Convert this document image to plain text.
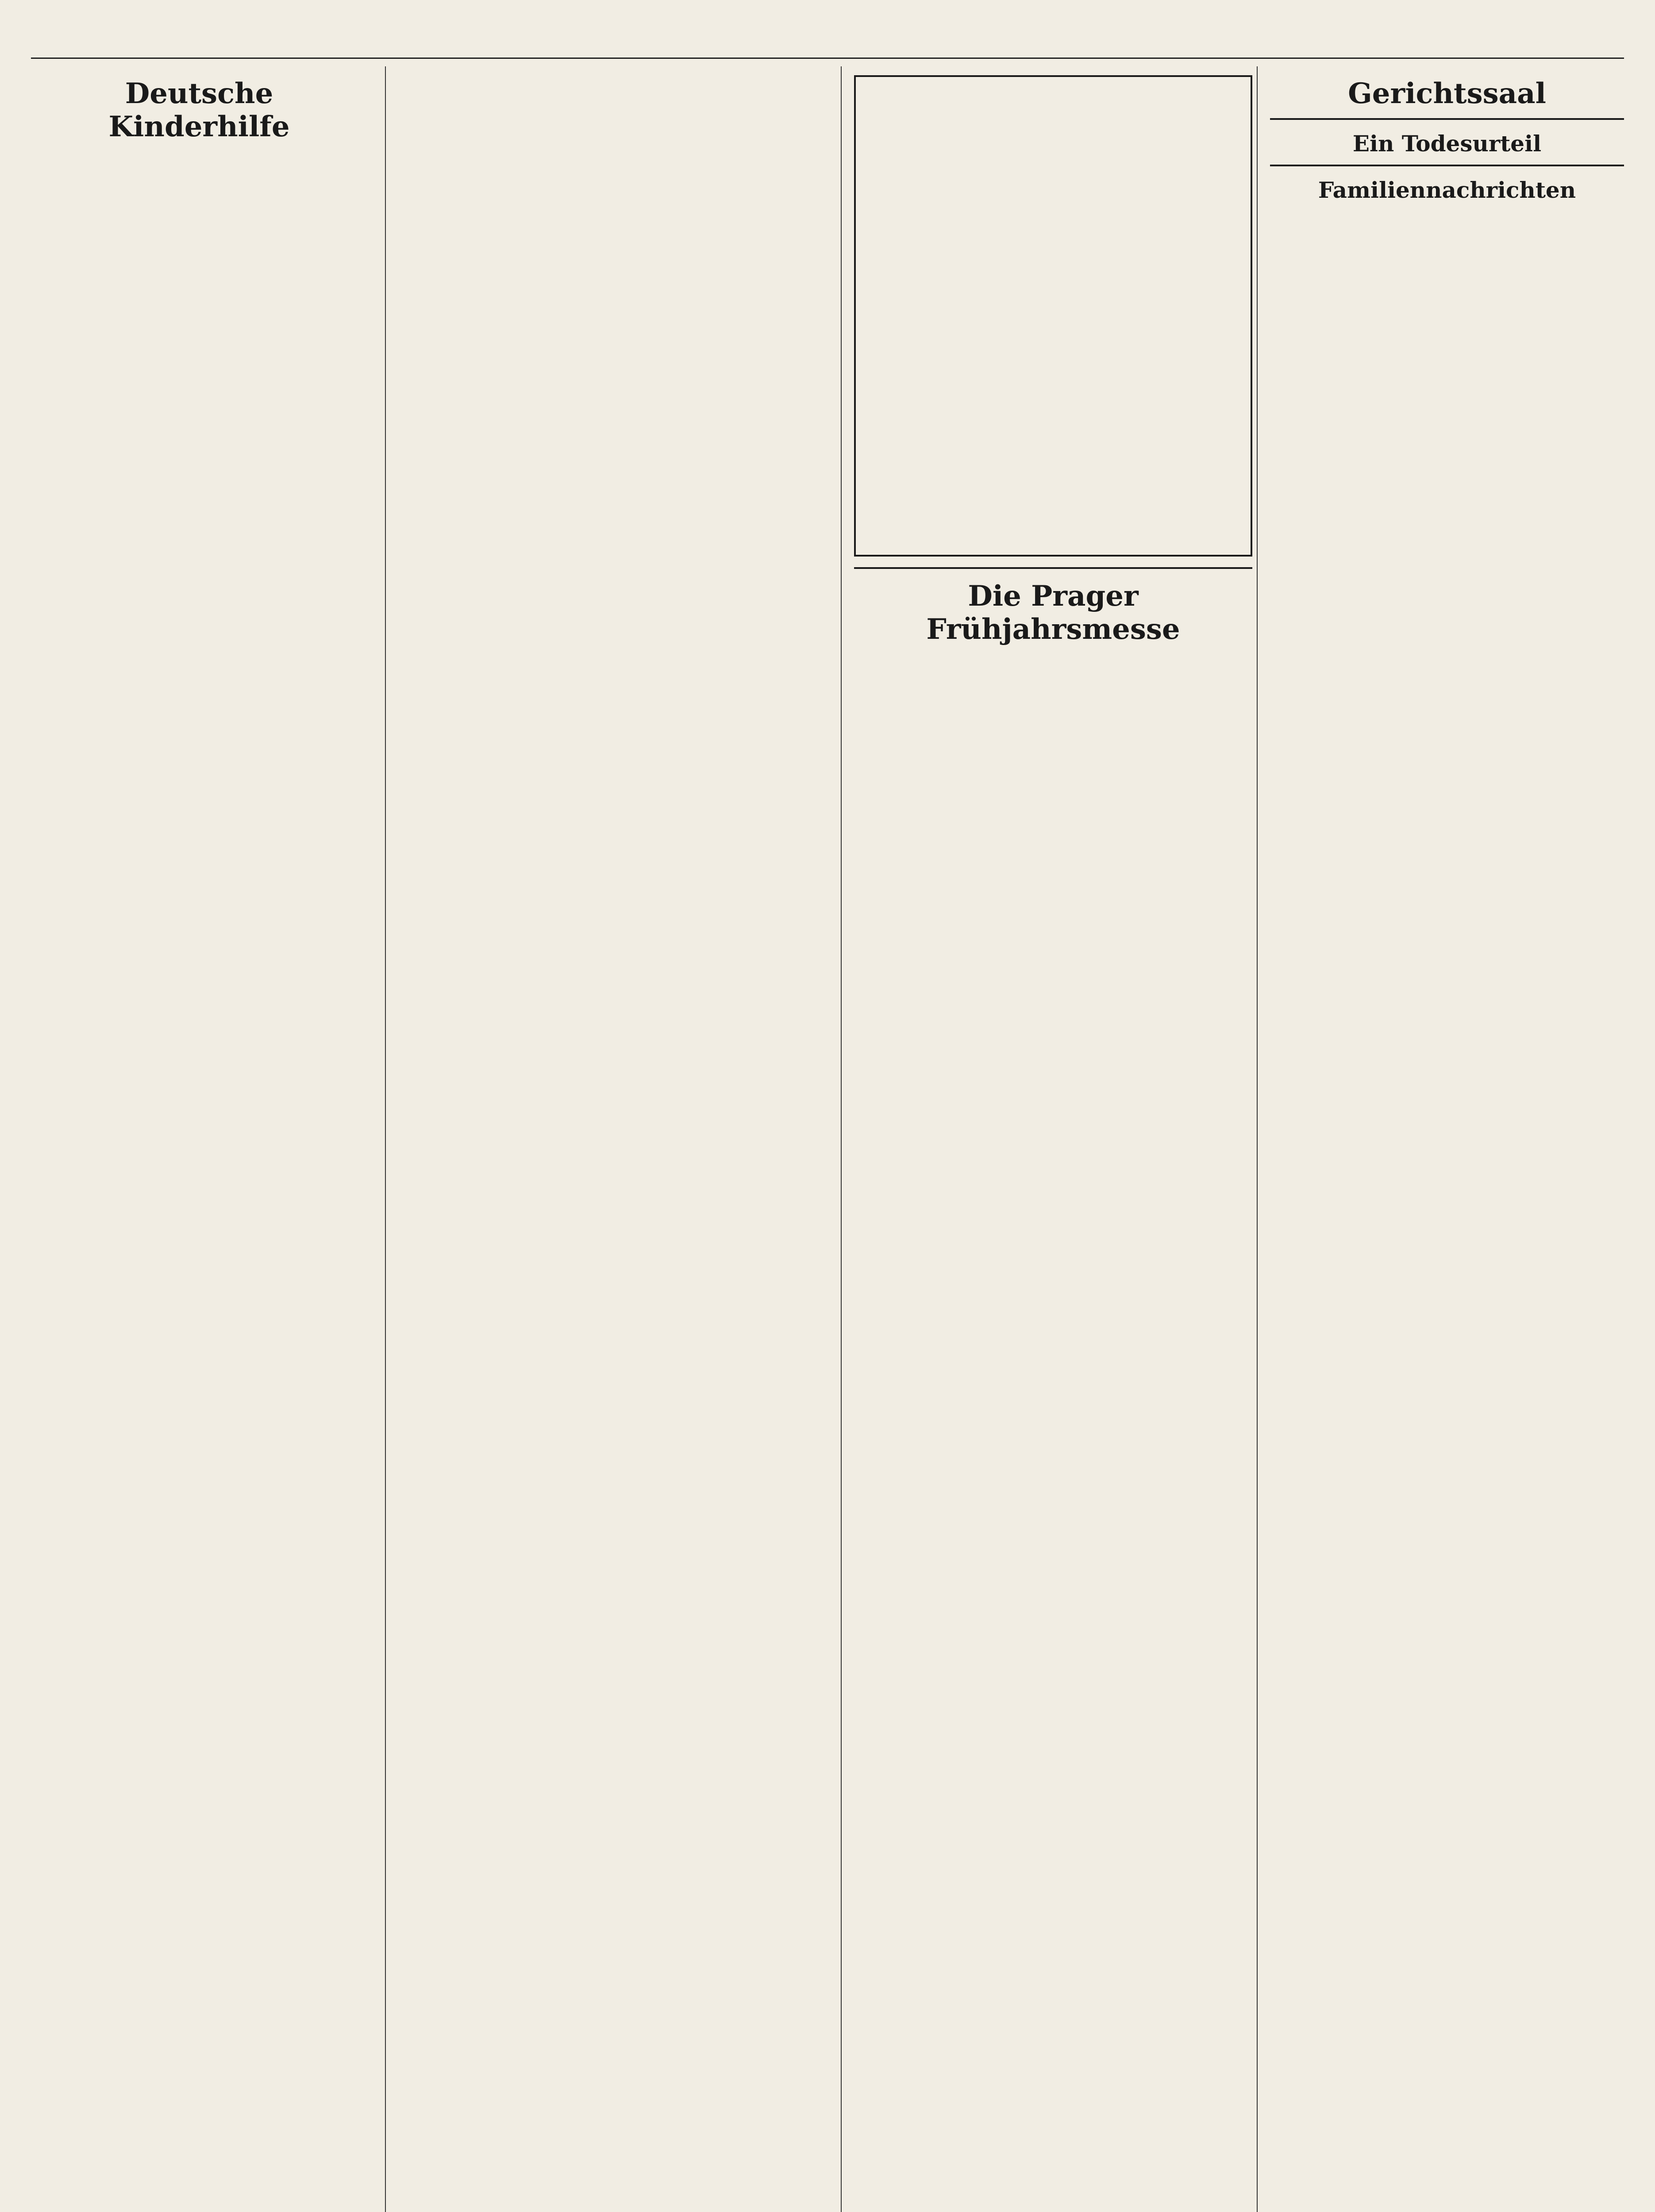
Deutsche Kinderhilfe
Die Prager Frühjahrsmesse
Gerichtssaal
Ein Todesurteil
Familiennachrichten
